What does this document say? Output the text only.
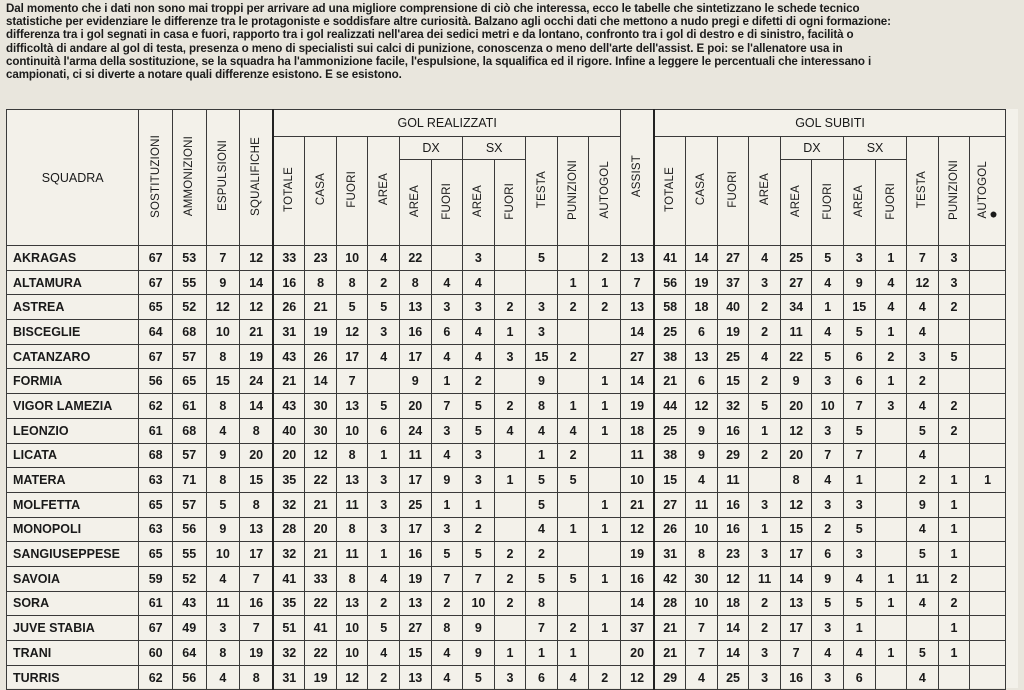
Dal momento che i dati non sono mai troppi per arrivare ad una migliore comprensione di ciò che interessa, ecco le tabelle che sintetizzano le schede tecnico

statistiche per evidenziare le differenze tra le protagoniste e soddisfare altre curiosità. Balzano agli occhi dati che mettono a nudo pregi e difetti di ogni formazione:

differenza tra i gol segnati in casa e fuori, rapporto tra i gol realizzati nell'area dei sedici metri e da lontano, confronto tra i gol di destro e di sinistro, facilità o

difficoltà di andare al gol di testa, presenza o meno di specialisti sui calci di punizione, conoscenza o meno dell'arte dell'assist. E poi: se l'allenatore usa in

continuità l'arma della sostituzione, se la squadra ha l'ammonizione facile, l'espulsione, la squalifica ed il rigore. Infine a leggere le percentuali che interessano i

campionati, ci si diverte a notare quali differenze esistono. E se esistono.

SQUADRA	SOSTITUZIONI	AMMONIZIONI	ESPULSIONI	SQUALIFICHE	GOL REALIZZATI											ASSIST	GOL SUBITI										
					TOTALE	CASA	FUORI	AREA	DX		SX		TESTA	PUNIZIONI	AUTOGOL		TOTALE	CASA	FUORI	AREA	DX		SX		TESTA	PUNIZIONI	AUTOGOL●
									AREA	FUORI	AREA	FUORI									AREA	FUORI	AREA	FUORI			
AKRAGAS	67	53	7	12	33	23	10	4	22		3		5		2	13	41	14	27	4	25	5	3	1	7	3	
ALTAMURA	67	55	9	14	16	8	8	2	8	4	4			1	1	7	56	19	37	3	27	4	9	4	12	3	
ASTREA	65	52	12	12	26	21	5	5	13	3	3	2	3	2	2	13	58	18	40	2	34	1	15	4	4	2	
BISCEGLIE	64	68	10	21	31	19	12	3	16	6	4	1	3			14	25	6	19	2	11	4	5	1	4		
CATANZARO	67	57	8	19	43	26	17	4	17	4	4	3	15	2		27	38	13	25	4	22	5	6	2	3	5	
FORMIA	56	65	15	24	21	14	7		9	1	2		9		1	14	21	6	15	2	9	3	6	1	2		
VIGOR LAMEZIA	62	61	8	14	43	30	13	5	20	7	5	2	8	1	1	19	44	12	32	5	20	10	7	3	4	2	
LEONZIO	61	68	4	8	40	30	10	6	24	3	5	4	4	4	1	18	25	9	16	1	12	3	5		5	2	
LICATA	68	57	9	20	20	12	8	1	11	4	3		1	2		11	38	9	29	2	20	7	7		4		
MATERA	63	71	8	15	35	22	13	3	17	9	3	1	5	5		10	15	4	11		8	4	1		2	1	1
MOLFETTA	65	57	5	8	32	21	11	3	25	1	1		5		1	21	27	11	16	3	12	3	3		9	1	
MONOPOLI	63	56	9	13	28	20	8	3	17	3	2		4	1	1	12	26	10	16	1	15	2	5		4	1	
SANGIUSEPPESE	65	55	10	17	32	21	11	1	16	5	5	2	2			19	31	8	23	3	17	6	3		5	1	
SAVOIA	59	52	4	7	41	33	8	4	19	7	7	2	5	5	1	16	42	30	12	11	14	9	4	1	11	2	
SORA	61	43	11	16	35	22	13	2	13	2	10	2	8			14	28	10	18	2	13	5	5	1	4	2	
JUVE STABIA	67	49	3	7	51	41	10	5	27	8	9		7	2	1	37	21	7	14	2	17	3	1			1	
TRANI	60	64	8	19	32	22	10	4	15	4	9	1	1	1		20	21	7	14	3	7	4	4	1	5	1	
TURRIS	62	56	4	8	31	19	12	2	13	4	5	3	6	4	2	12	29	4	25	3	16	3	6		4		
